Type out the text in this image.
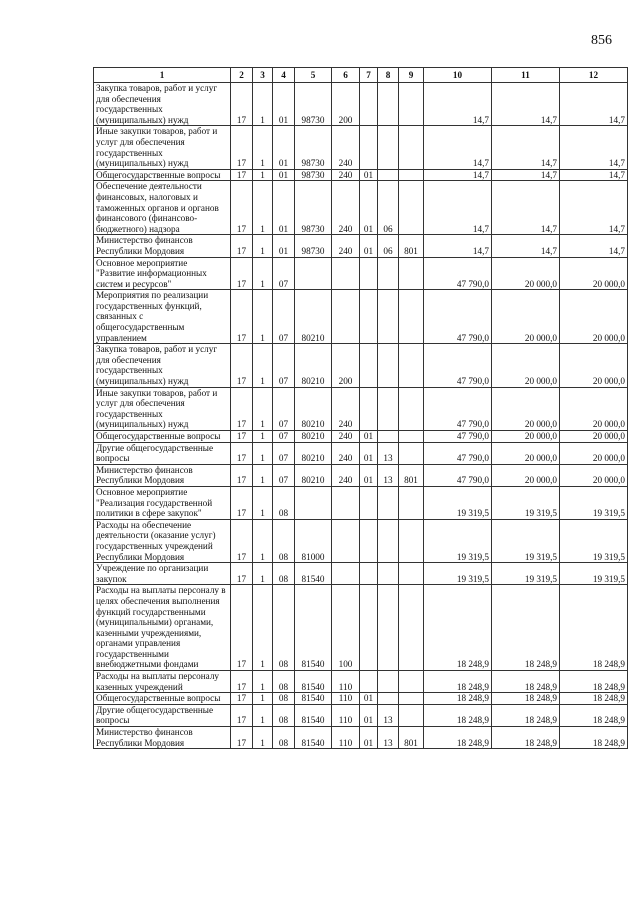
856
1	2	3	4	5	6	7	8	9	10	11	12
Закупка товаров, работ и услуг для обеспечения государственных (муниципальных) нужд	17	1	01	98730	200				14,7	14,7	14,7
Иные закупки товаров, работ и услуг для обеспечения государственных (муниципальных) нужд	17	1	01	98730	240				14,7	14,7	14,7
Общегосударственные вопросы	17	1	01	98730	240	01			14,7	14,7	14,7
Обеспечение деятельности финансовых, налоговых и таможенных органов и органов финансового (финансово-бюджетного) надзора	17	1	01	98730	240	01	06		14,7	14,7	14,7
Министерство финансов Республики Мордовия	17	1	01	98730	240	01	06	801	14,7	14,7	14,7
Основное мероприятие "Развитие информационных систем и ресурсов"	17	1	07						47 790,0	20 000,0	20 000,0
Мероприятия по реализации государственных функций, связанных с общегосударственным управлением	17	1	07	80210					47 790,0	20 000,0	20 000,0
Закупка товаров, работ и услуг для обеспечения государственных (муниципальных) нужд	17	1	07	80210	200				47 790,0	20 000,0	20 000,0
Иные закупки товаров, работ и услуг для обеспечения государственных (муниципальных) нужд	17	1	07	80210	240				47 790,0	20 000,0	20 000,0
Общегосударственные вопросы	17	1	07	80210	240	01			47 790,0	20 000,0	20 000,0
Другие общегосударственные вопросы	17	1	07	80210	240	01	13		47 790,0	20 000,0	20 000,0
Министерство финансов Республики Мордовия	17	1	07	80210	240	01	13	801	47 790,0	20 000,0	20 000,0
Основное мероприятие "Реализация государственной политики в сфере закупок"	17	1	08						19 319,5	19 319,5	19 319,5
Расходы на обеспечение деятельности (оказание услуг) государственных учреждений Республики Мордовия	17	1	08	81000					19 319,5	19 319,5	19 319,5
Учреждение по организации закупок	17	1	08	81540					19 319,5	19 319,5	19 319,5
Расходы на выплаты персоналу в целях обеспечения выполнения функций государственными (муниципальными) органами, казенными учреждениями, органами управления государственными внебюджетными фондами	17	1	08	81540	100				18 248,9	18 248,9	18 248,9
Расходы на выплаты персоналу казенных учреждений	17	1	08	81540	110				18 248,9	18 248,9	18 248,9
Общегосударственные вопросы	17	1	08	81540	110	01			18 248,9	18 248,9	18 248,9
Другие общегосударственные вопросы	17	1	08	81540	110	01	13		18 248,9	18 248,9	18 248,9
Министерство финансов Республики Мордовия	17	1	08	81540	110	01	13	801	18 248,9	18 248,9	18 248,9
